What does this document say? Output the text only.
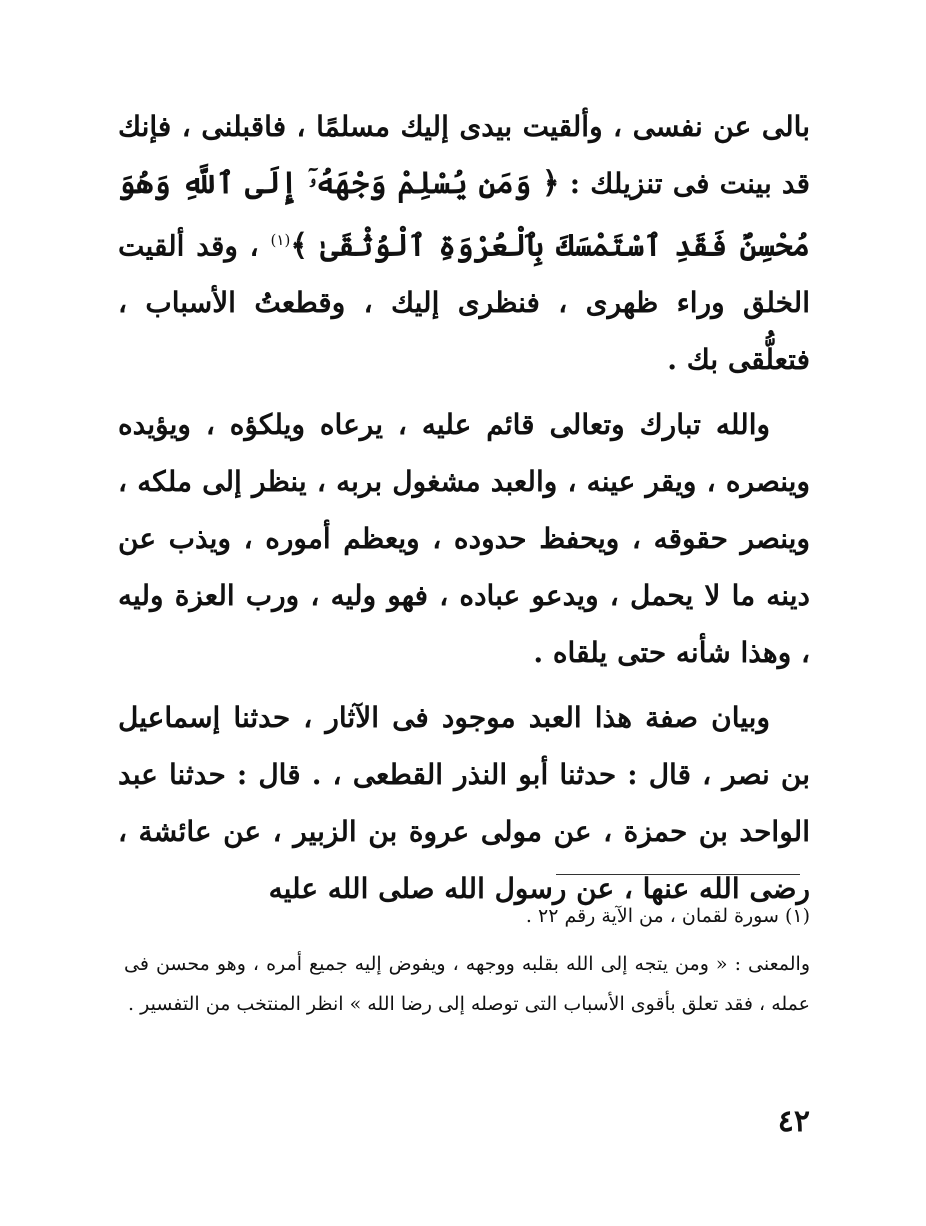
بالى عن نفسى ، وألقيت بيدى إليك مسلمًا ، فاقبلنى ، فإنك قد بينت فى تنزيلك : ﴿ وَمَن يُسْلِمْ وَجْهَهُۥٓ إِلَى ٱللَّهِ وَهُوَ مُحْسِنٌ فَقَدِ ٱسْتَمْسَكَ بِٱلْعُرْوَةِ ٱلْوُثْقَىٰ ﴾$^{(١)}$ ، وقد ألقيت الخلق وراء ظهرى ، فنظرى إليك ، وقطعتُ الأسباب ، فتعلُّقى بك .

والله تبارك وتعالى قائم عليه ، يرعاه ويلكؤه ، ويؤيده وينصره ، ويقر عينه ، والعبد مشغول بربه ، ينظر إلى ملكه ، وينصر حقوقه ، ويحفظ حدوده ، ويعظم أموره ، ويذب عن دينه ما لا يحمل ، ويدعو عباده ، فهو وليه ، ورب العزة وليه ، وهذا شأنه حتى يلقاه .

وبيان صفة هذا العبد موجود فى الآثار ، حدثنا إسماعيل بن نصر ، قال : حدثنا أبو النذر القطعى ، . قال : حدثنا عبد الواحد بن حمزة ، عن مولى عروة بن الزبير ، عن عائشة ، رضى الله عنها ، عن رسول الله صلى الله عليه

(١) سورة لقمان ، من الآية رقم ٢٢ .

والمعنى : « ومن يتجه إلى الله بقلبه ووجهه ، ويفوض إليه جميع أمره ، وهو محسن فى عمله ، فقد تعلق بأقوى الأسباب التى توصله إلى رضا الله » انظر المنتخب من التفسير .

٤٢
